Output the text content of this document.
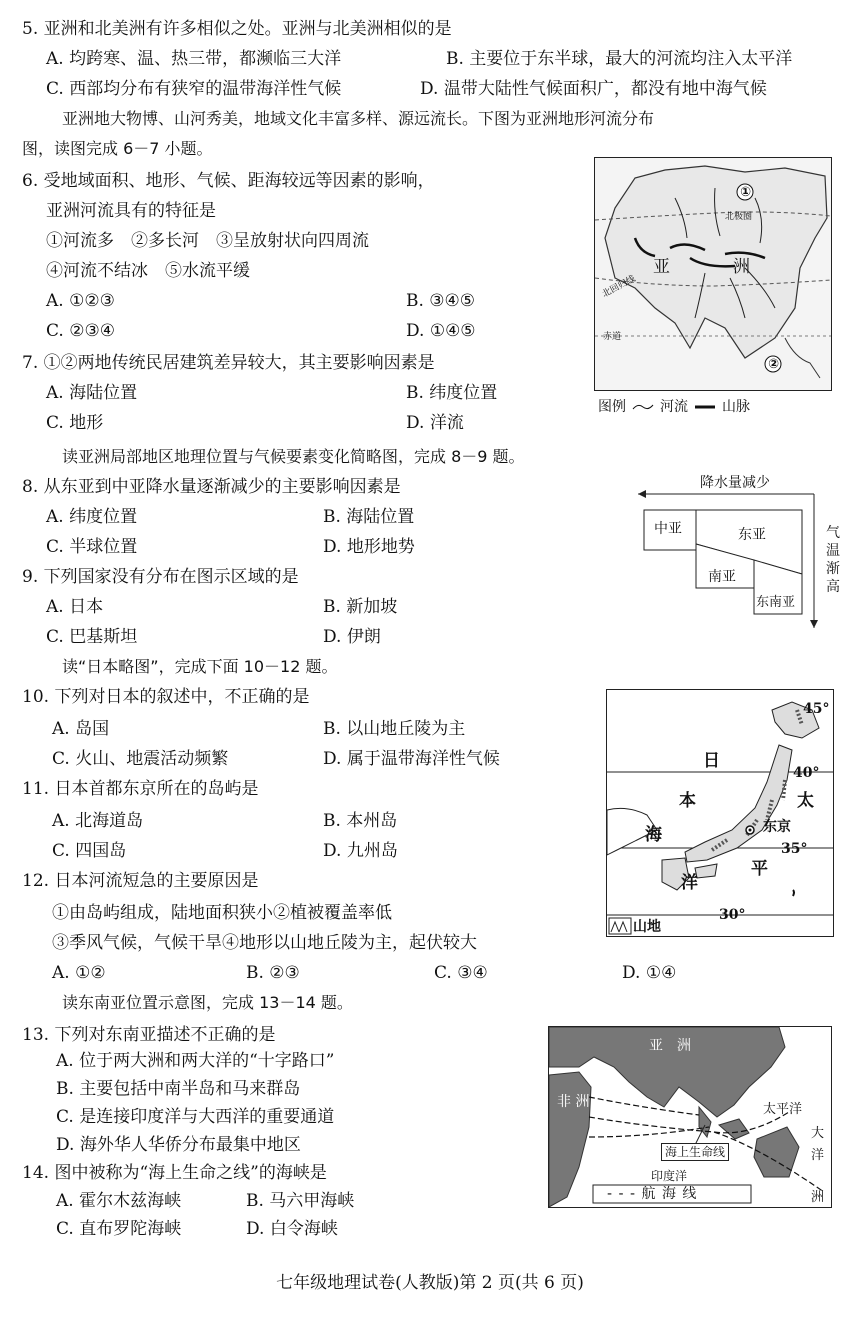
5. 亚洲和北美洲有许多相似之处。亚洲与北美洲相似的是
A. 均跨寒、温、热三带，都濒临三大洋	B. 主要位于东半球，最大的河流均注入太平洋
C. 西部均分布有狭窄的温带海洋性气候	D. 温带大陆性气候面积广，都没有地中海气候
亚洲地大物博、山河秀美，地域文化丰富多样、源远流长。下图为亚洲地形河流分布
图，读图完成 6－7 小题。
6. 受地域面积、地形、气候、距海较远等因素的影响，
亚洲河流具有的特征是
①河流多　②多长河　③呈放射状向四周流
④河流不结冰　⑤水流平缓
A. ①②③	B. ③④⑤
C. ②③④	D. ①④⑤
7. ①②两地传统民居建筑差异较大，其主要影响因素是
A. 海陆位置	B. 纬度位置
C. 地形	D. 洋流
①
②
北极圈
北回归线
赤道
亚	洲
图例 河流 山脉
读亚洲局部地区地理位置与气候要素变化简略图，完成 8－9 题。
8. 从东亚到中亚降水量逐渐减少的主要影响因素是
A. 纬度位置	B. 海陆位置
C. 半球位置	D. 地形地势
9. 下列国家没有分布在图示区域的是
A. 日本	B. 新加坡
C. 巴基斯坦	D. 伊朗
降水量减少
中亚	东亚
南亚
东南亚
气
温
渐
高
读“日本略图”，完成下面 10－12 题。
10. 下列对日本的叙述中，不正确的是
A. 岛国	B. 以山地丘陵为主
C. 火山、地震活动频繁	D. 属于温带海洋性气候
11. 日本首都东京所在的岛屿是
A. 北海道岛	B. 本州岛
C. 四国岛	D. 九州岛
12. 日本河流短急的主要原因是
①由岛屿组成，陆地面积狭小②植被覆盖率低
③季风气候，气候干旱④地形以山地丘陵为主，起伏较大
A. ①②	B. ②③	C. ③④	D. ①④
45°
40°
35°
30°
日
本
海
太
平
洋
东京
山地
读东南亚位置示意图，完成 13－14 题。
13. 下列对东南亚描述不正确的是
A. 位于两大洲和两大洋的“十字路口”
B. 主要包括中南半岛和马来群岛
C. 是连接印度洋与大西洋的重要通道
D. 海外华人华侨分布最集中地区
14. 图中被称为“海上生命之线”的海峡是
A. 霍尔木兹海峡	B. 马六甲海峡
C. 直布罗陀海峡	D. 白令海峡
亚　洲
非 洲	太平洋
大
洋
洲
印度洋
海上生命线
- - - 航 海 线
七年级地理试卷(人教版)第 2 页(共 6 页)
